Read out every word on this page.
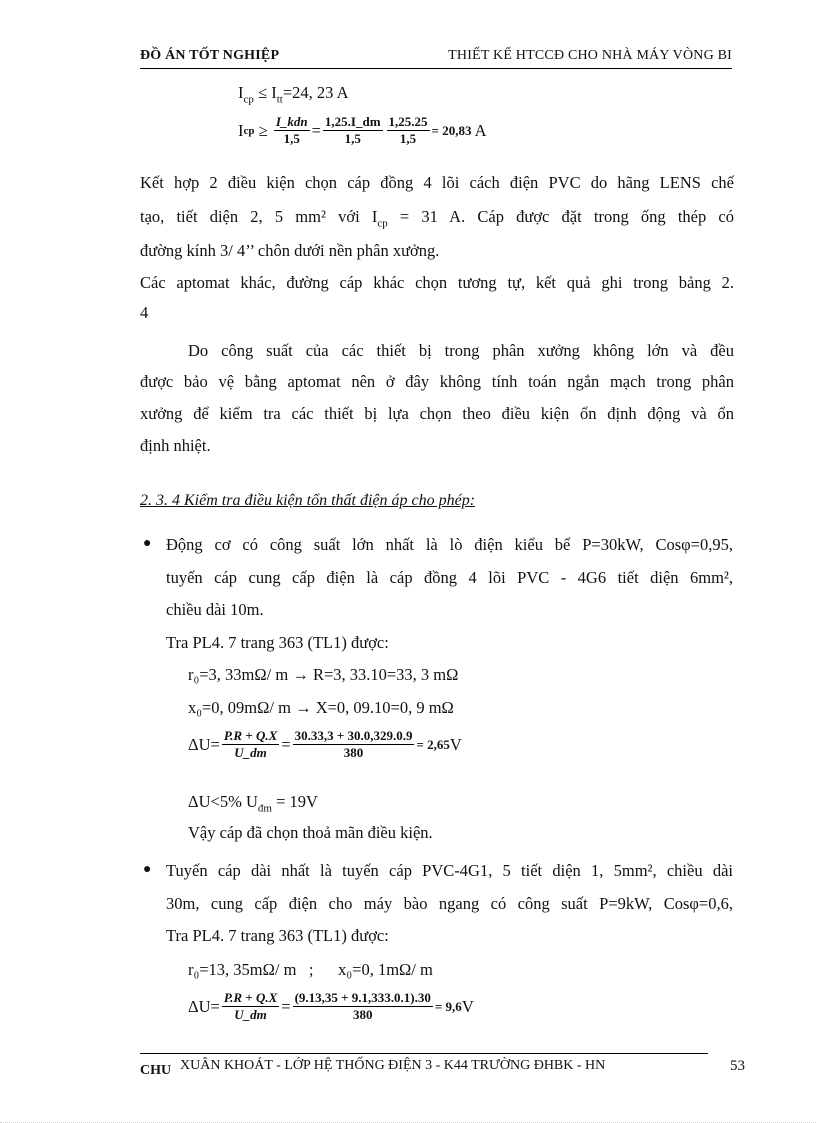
ĐỒ ÁN TỐT NGHIỆP	THIẾT KẾ HTCCĐ CHO NHÀ MÁY VÒNG BI
$I_{cp} \le I_{tt}=24$, 23 A
I cp ≥ $\frac{\text{I\_kdn}}{1,5} = \frac{1,25.I\_dm}{1,5} \frac{1,25.25}{1,5} = 20,83$ A
Kết hợp 2 điều kiện chọn cáp đồng 4 lõi cách điện PVC do hãng LENS chế
tạo, tiết diện 2, 5 mm² với $I_{cp} = 31$ A. Cáp được đặt trong ống thép có
đường kính 3/ 4’’ chôn dưới nền phân xưởng.
Các aptomat khác, đường cáp khác chọn tương tự, kết quả ghi trong bảng 2.
4
Do công suất của các thiết bị trong phân xưởng không lớn và đều
được bảo vệ bằng aptomat nên ở đây không tính toán ngắn mạch trong phân
xưởng để kiểm tra các thiết bị lựa chọn theo điều kiện ổn định động và ổn
định nhiệt.
2. 3. 4 Kiểm tra điều kiện tổn thất điện áp cho phép:
● Động cơ có công suất lớn nhất là lò điện kiểu bể P=30kW, Cosφ=0,95,
tuyến cáp cung cấp điện là cáp đồng 4 lõi PVC - 4G6 tiết diện 6mm²,
chiều dài 10m.
Tra PL4. 7 trang 363 (TL1) được:
r₀=3, 33mΩ/ m → R=3, 33.10=33, 3 mΩ
x₀=0, 09mΩ/ m → X=0, 09.10=0, 9 mΩ
$\Delta U= \frac{P.R + Q.X}{U\_dm} = \frac{30.33,3 + 30.0,329.0.9}{380} = 2,65$ V
ΔU<5% $U_{đm} = 19V$
Vậy cáp đã chọn thoả mãn điều kiện.
● Tuyến cáp dài nhất là tuyến cáp PVC-4G1, 5 tiết diện 1, 5mm², chiều dài
30m, cung cấp điện cho máy bào ngang có công suất P=9kW, Cosφ=0,6,
Tra PL4. 7 trang 363 (TL1) được:
r₀=13, 35mΩ/ m   ;      x₀=0, 1mΩ/ m
$\Delta U= \frac{P.R + Q.X}{U\_dm} = \frac{(9.13,35 + 9.1,333.0.1).30}{380} = 9,6$ V
CHU XUÂN KHOÁT - LỚP HỆ THỐNG ĐIỆN 3 - K44 TRƯỜNG ĐHBK - HN	53
